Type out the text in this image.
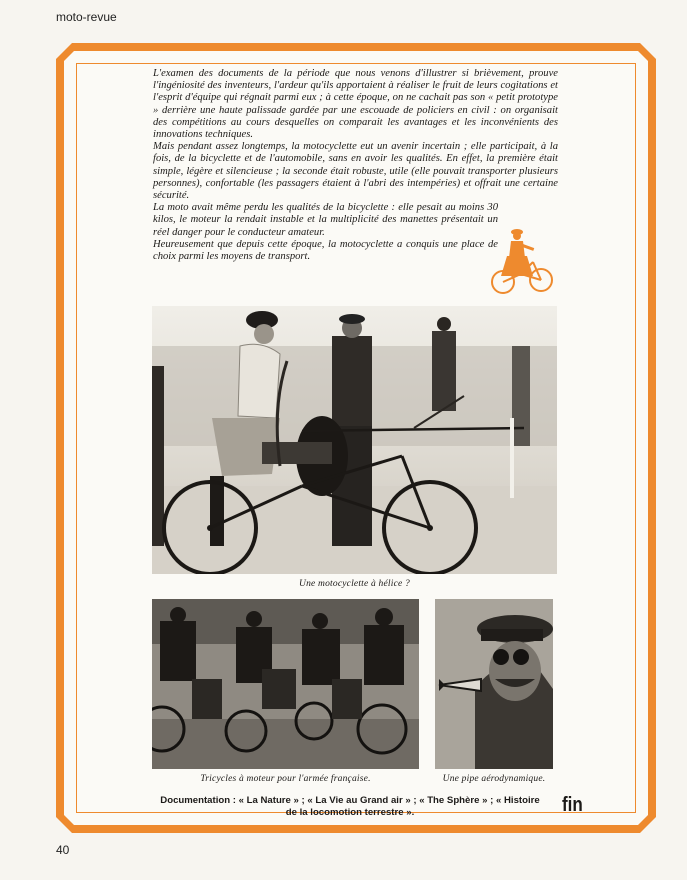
moto-revue

L'examen des documents de la période que nous venons d'illustrer si brièvement, prouve l'ingéniosité des inventeurs, l'ardeur qu'ils apportaient à réaliser le fruit de leurs cogitations et l'esprit d'équipe qui régnait parmi eux ; à cette époque, on ne cachait pas son « petit prototype » derrière une haute palissade gardée par une escouade de policiers en civil : on organisait des compétitions au cours desquelles on comparait les avantages et les inconvénients des innovations techniques.

Mais pendant assez longtemps, la motocyclette eut un avenir incertain ; elle participait, à la fois, de la bicyclette et de l'automobile, sans en avoir les qualités. En effet, la première était simple, légère et silencieuse ; la seconde était robuste, utile (elle pouvait transporter plusieurs personnes), confortable (les passagers étaient à l'abri des intempéries) et offrait une certaine sécurité.

La moto avait même perdu les qualités de la bicyclette : elle pesait au moins 30 kilos, le moteur la rendait instable et la multiplicité des manettes présentait un réel danger pour le conducteur amateur.

Heureusement que depuis cette époque, la motocyclette a conquis une place de choix parmi les moyens de transport.

Une motocyclette à hélice ?
Tricycles à moteur pour l'armée française.	Une pipe aérodynamique.
Documentation : « La Nature » ; « La Vie au Grand air » ; « The Sphère » ; « Histoire
de la locomotion terrestre ».	fin
40
